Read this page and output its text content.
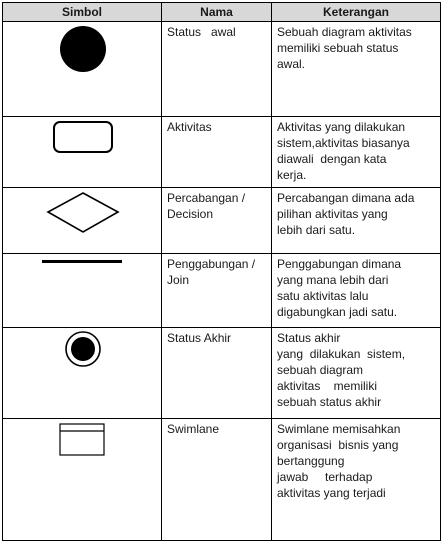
Simbol	Nama	Keterangan

	Status   awal	Sebuah diagram aktivitas
memiliki sebuah status
awal.

	Aktivitas	Aktivitas yang dilakukan
sistem,aktivitas biasanya
diawali  dengan kata
kerja.

	Percabangan /
Decision	Percabangan dimana ada
pilihan aktivitas yang
lebih dari satu.

	Penggabungan /
Join	Penggabungan dimana
yang mana lebih dari
satu aktivitas lalu
digabungkan jadi satu.

	Status Akhir	Status akhir
yang  dilakukan  sistem,
sebuah diagram
aktivitas    memiliki
sebuah status akhir

	Swimlane	Swimlane memisahkan
organisasi  bisnis yang
bertanggung
jawab     terhadap
aktivitas yang terjadi
